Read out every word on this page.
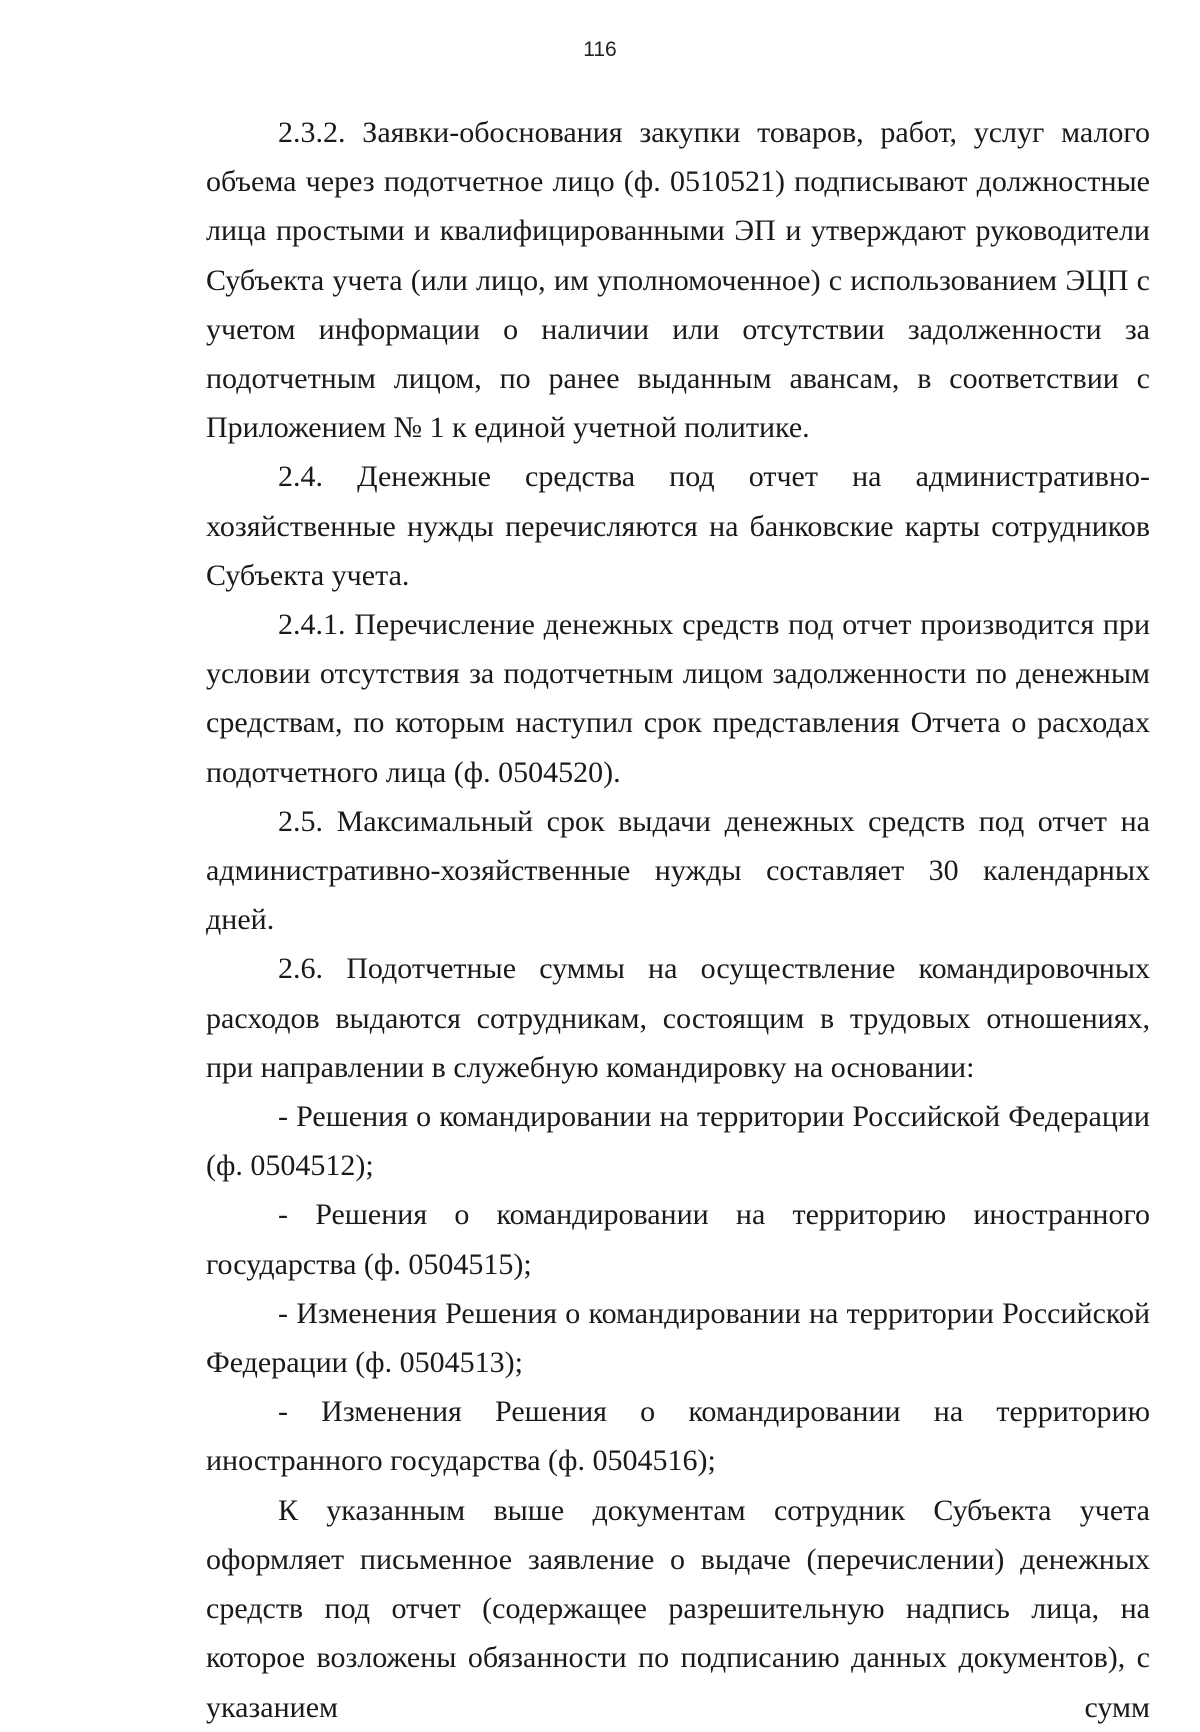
116

2.3.2. Заявки-обоснования закупки товаров, работ, услуг малого объема через подотчетное лицо (ф. 0510521) подписывают должностные лица простыми и квалифицированными ЭП и утверждают руководители Субъекта учета (или лицо, им уполномоченное) с использованием ЭЦП с учетом информации о наличии или отсутствии задолженности за подотчетным лицом, по ранее выданным авансам, в соответствии с Приложением № 1 к единой учетной политике.

2.4. Денежные средства под отчет на административно-хозяйственные нужды перечисляются на банковские карты сотрудников Субъекта учета.

2.4.1. Перечисление денежных средств под отчет производится при условии отсутствия за подотчетным лицом задолженности по денежным средствам, по которым наступил срок представления Отчета о расходах подотчетного лица (ф. 0504520).

2.5. Максимальный срок выдачи денежных средств под отчет на административно-хозяйственные нужды составляет 30 календарных дней.

2.6. Подотчетные суммы на осуществление командировочных расходов выдаются сотрудникам, состоящим в трудовых отношениях, при направлении в служебную командировку на основании:

- Решения о командировании на территории Российской Федерации (ф. 0504512);

- Решения о командировании на территорию иностранного государства (ф. 0504515);

- Изменения Решения о командировании на территории Российской Федерации (ф. 0504513);

- Изменения Решения о командировании на территорию иностранного государства (ф. 0504516);

К указанным выше документам сотрудник Субъекта учета оформляет письменное заявление о выдаче (перечислении) денежных средств под отчет (содержащее разрешительную надпись лица, на которое возложены обязанности по подписанию данных документов), с указанием сумм
